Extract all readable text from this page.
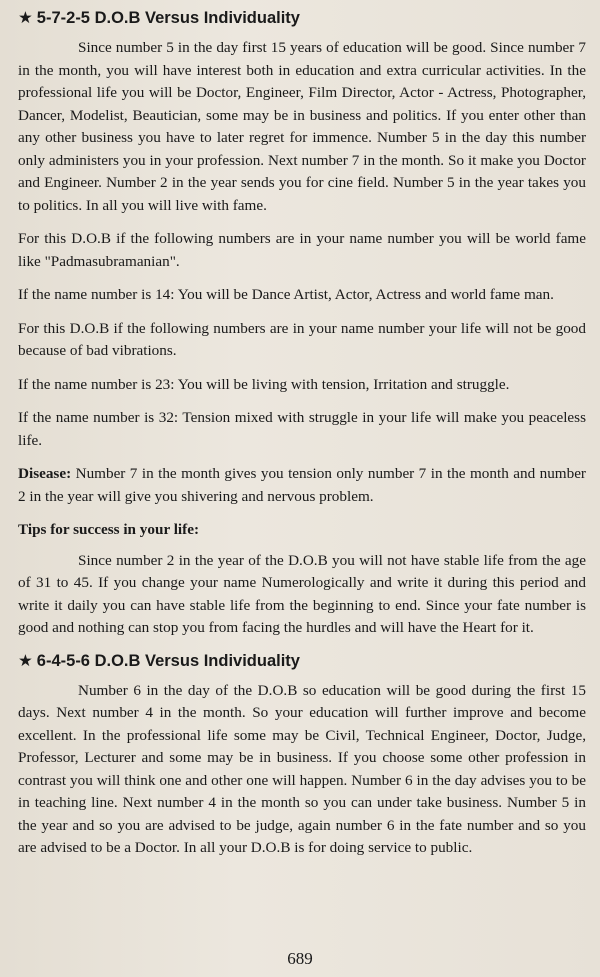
★ 5-7-2-5 D.O.B Versus Individuality

Since number 5 in the day first 15 years of education will be good. Since number 7 in the month, you will have interest both in education and extra curricular activities. In the professional life you will be Doctor, Engineer, Film Director, Actor - Actress, Photographer, Dancer, Modelist, Beautician, some may be in business and politics. If you enter other than any other business you have to later regret for immence. Number 5 in the day this number only administers you in your profession. Next number 7 in the month. So it make you Doctor and Engineer. Number 2 in the year sends you for cine field. Number 5 in the year takes you to politics. In all you will live with fame.

For this D.O.B if the following numbers are in your name number you will be world fame like "Padmasubramanian".

If the name number is 14: You will be Dance Artist, Actor, Actress and world fame man.

For this D.O.B if the following numbers are in your name number your life will not be good because of bad vibrations.

If the name number is 23: You will be living with tension, Irritation and struggle.

If the name number is 32: Tension mixed with struggle in your life will make you peaceless life.

Disease: Number 7 in the month gives you tension only number 7 in the month and number 2 in the year will give you shivering and nervous problem.

Tips for success in your life:

Since number 2 in the year of the D.O.B you will not have stable life from the age of 31 to 45. If you change your name Numerologically and write it during this period and write it daily you can have stable life from the beginning to end. Since your fate number is good and nothing can stop you from facing the hurdles and will have the Heart for it.

★ 6-4-5-6 D.O.B Versus Individuality

Number 6 in the day of the D.O.B so education will be good during the first 15 days. Next number 4 in the month. So your education will further improve and become excellent. In the professional life some may be Civil, Technical Engineer, Doctor, Judge, Professor, Lecturer and some may be in business. If you choose some other profession in contrast you will think one and other one will happen. Number 6 in the day advises you to be in teaching line. Next number 4 in the month so you can under take business. Number 5 in the year and so you are advised to be judge, again number 6 in the fate number and so you are advised to be a Doctor. In all your D.O.B is for doing service to public.

689
